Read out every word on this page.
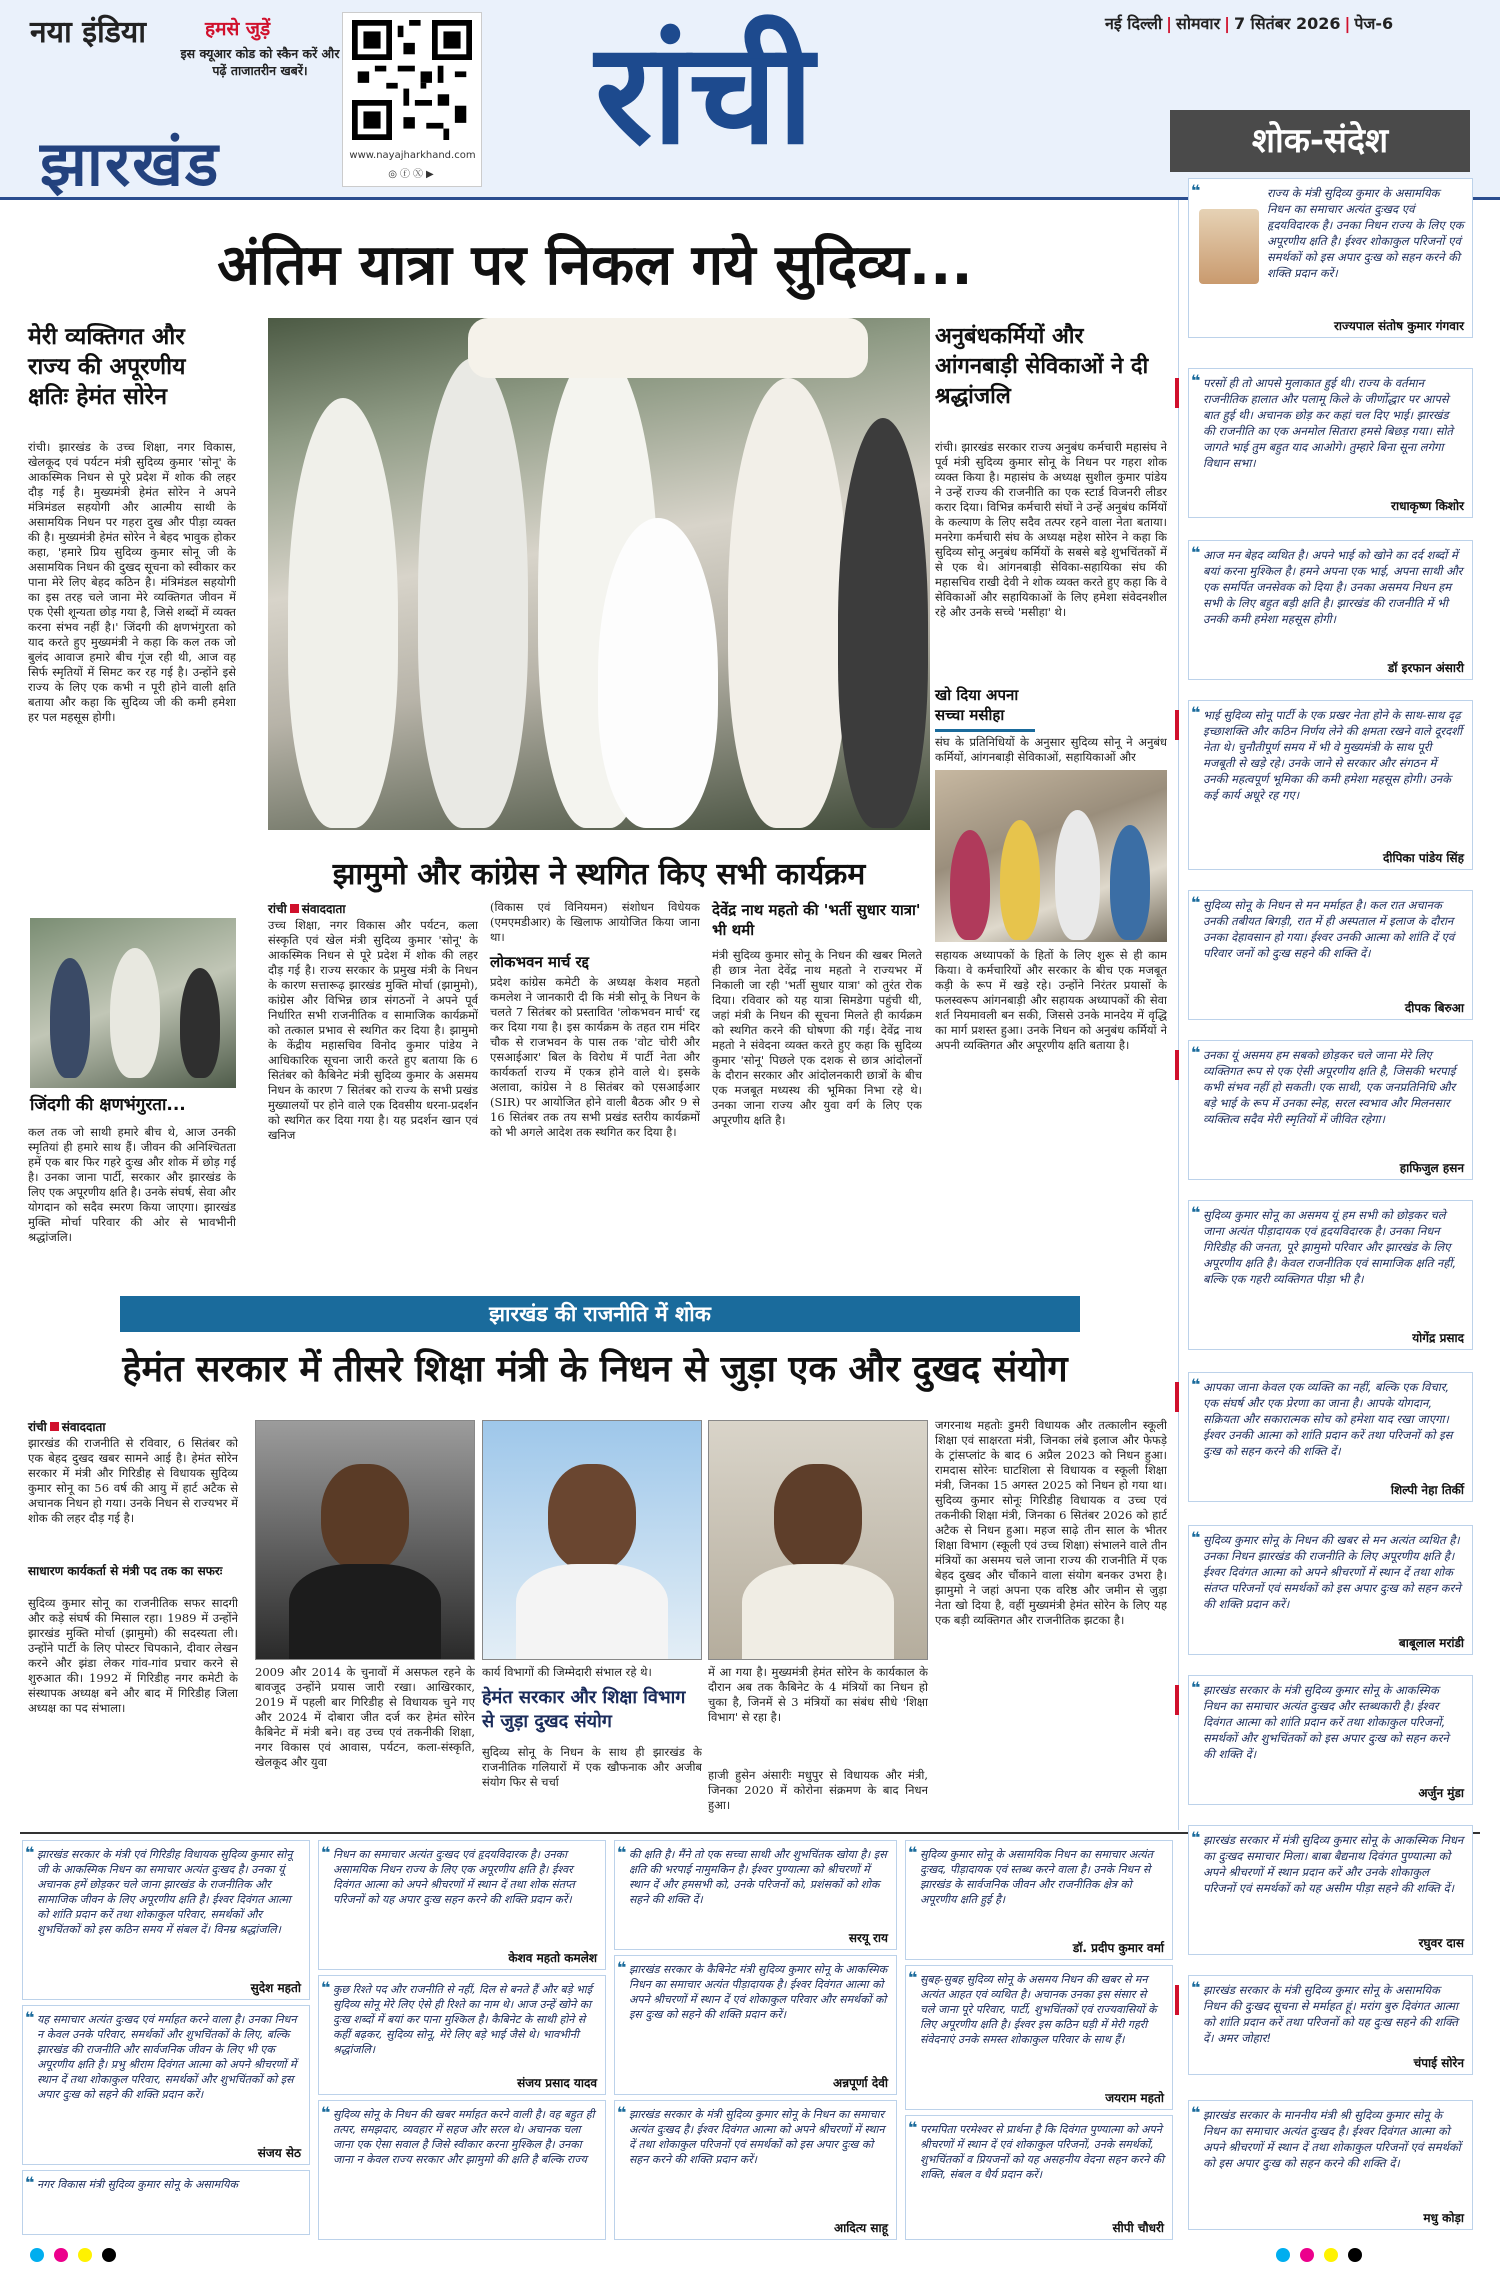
नया इंडिया
झारखंड
हमसे जुड़ें
इस क्यूआर कोड को स्कैन करें और पढ़ें ताजातरीन खबरें।
www.nayajharkhand.com
◎ⓕⓍ▶	रांची	नई दिल्ली | सोमवार | 7 सितंबर 2026 | पेज-6
शोक-संदेश
अंतिम यात्रा पर निकल गये सुदिव्य...
मेरी व्यक्तिगत और राज्य की अपूरणीय क्षतिः हेमंत सोरेन
रांची। झारखंड के उच्च शिक्षा, नगर विकास, खेलकूद एवं पर्यटन मंत्री सुदिव्य कुमार 'सोनू' के आकस्मिक निधन से पूरे प्रदेश में शोक की लहर दौड़ गई है। मुख्यमंत्री हेमंत सोरेन ने अपने मंत्रिमंडल सहयोगी और आत्मीय साथी के असामयिक निधन पर गहरा दुख और पीड़ा व्यक्त की है। मुख्यमंत्री हेमंत सोरेन ने बेहद भावुक होकर कहा, 'हमारे प्रिय सुदिव्य कुमार सोनू जी के असामयिक निधन की दुखद सूचना को स्वीकार कर पाना मेरे लिए बेहद कठिन है। मंत्रिमंडल सहयोगी का इस तरह चले जाना मेरे व्यक्तिगत जीवन में एक ऐसी शून्यता छोड़ गया है, जिसे शब्दों में व्यक्त करना संभव नहीं है।' जिंदगी की क्षणभंगुरता को याद करते हुए मुख्यमंत्री ने कहा कि कल तक जो बुलंद आवाज हमारे बीच गूंज रही थी, आज वह सिर्फ स्मृतियों में सिमट कर रह गई है। उन्होंने इसे राज्य के लिए एक कभी न पूरी होने वाली क्षति बताया और कहा कि सुदिव्य जी की कमी हमेशा हर पल महसूस होगी।
जिंदगी की क्षणभंगुरता...
कल तक जो साथी हमारे बीच थे, आज उनकी स्मृतियां ही हमारे साथ हैं। जीवन की अनिश्चितता हमें एक बार फिर गहरे दुःख और शोक में छोड़ गई है। उनका जाना पार्टी, सरकार और झारखंड के लिए एक अपूरणीय क्षति है। उनके संघर्ष, सेवा और योगदान को सदैव स्मरण किया जाएगा। झारखंड मुक्ति मोर्चा परिवार की ओर से भावभीनी श्रद्धांजलि।
अनुबंधकर्मियों और आंगनबाड़ी सेविकाओं ने दी श्रद्धांजलि
रांची। झारखंड सरकार राज्य अनुबंध कर्मचारी महासंघ ने पूर्व मंत्री सुदिव्य कुमार सोनू के निधन पर गहरा शोक व्यक्त किया है। महासंघ के अध्यक्ष सुशील कुमार पांडेय ने उन्हें राज्य की राजनीति का एक स्टार्ड विजनरी लीडर करार दिया। विभिन्न कर्मचारी संघों ने उन्हें अनुबंध कर्मियों के कल्याण के लिए सदैव तत्पर रहने वाला नेता बताया। मनरेगा कर्मचारी संघ के अध्यक्ष महेश सोरेन ने कहा कि सुदिव्य सोनू अनुबंध कर्मियों के सबसे बड़े शुभचिंतकों में से एक थे। आंगनबाड़ी सेविका-सहायिका संघ की महासचिव राखी देवी ने शोक व्यक्त करते हुए कहा कि वे सेविकाओं और सहायिकाओं के लिए हमेशा संवेदनशील रहे और उनके सच्चे 'मसीहा' थे।
खो दिया अपना सच्चा मसीहा
संघ के प्रतिनिधियों के अनुसार सुदिव्य सोनू ने अनुबंध कर्मियों, आंगनबाड़ी सेविकाओं, सहायिकाओं और
सहायक अध्यापकों के हितों के लिए शुरू से ही काम किया। वे कर्मचारियों और सरकार के बीच एक मजबूत कड़ी के रूप में खड़े रहे। उन्होंने निरंतर प्रयासों के फलस्वरूप आंगनबाड़ी और सहायक अध्यापकों की सेवा शर्त नियमावली बन सकी, जिससे उनके मानदेय में वृद्धि का मार्ग प्रशस्त हुआ। उनके निधन को अनुबंध कर्मियों ने अपनी व्यक्तिगत और अपूरणीय क्षति बताया है।
झामुमो और कांग्रेस ने स्थगित किए सभी कार्यक्रम
रांची संवाददाता
उच्च शिक्षा, नगर विकास और पर्यटन, कला संस्कृति एवं खेल मंत्री सुदिव्य कुमार 'सोनू' के आकस्मिक निधन से पूरे प्रदेश में शोक की लहर दौड़ गई है। राज्य सरकार के प्रमुख मंत्री के निधन के कारण सत्तारूढ़ झारखंड मुक्ति मोर्चा (झामुमो), कांग्रेस और विभिन्न छात्र संगठनों ने अपने पूर्व निर्धारित सभी राजनीतिक व सामाजिक कार्यक्रमों को तत्काल प्रभाव से स्थगित कर दिया है। झामुमो के केंद्रीय महासचिव विनोद कुमार पांडेय ने आधिकारिक सूचना जारी करते हुए बताया कि 6 सितंबर को कैबिनेट मंत्री सुदिव्य कुमार के असमय निधन के कारण 7 सितंबर को राज्य के सभी प्रखंड मुख्यालयों पर होने वाले एक दिवसीय धरना-प्रदर्शन को स्थगित कर दिया गया है। यह प्रदर्शन खान एवं खनिज
(विकास एवं विनियमन) संशोधन विधेयक (एमएमडीआर) के खिलाफ आयोजित किया जाना था।
लोकभवन मार्च रद्द
प्रदेश कांग्रेस कमेटी के अध्यक्ष केशव महतो कमलेश ने जानकारी दी कि मंत्री सोनू के निधन के चलते 7 सितंबर को प्रस्तावित 'लोकभवन मार्च' रद्द कर दिया गया है। इस कार्यक्रम के तहत राम मंदिर चौक से राजभवन के पास तक 'वोट चोरी और एसआईआर' बिल के विरोध में पार्टी नेता और कार्यकर्ता राज्य में एकत्र होने वाले थे। इसके अलावा, कांग्रेस ने 8 सितंबर को एसआईआर (SIR) पर आयोजित होने वाली बैठक और 9 से 16 सितंबर तक तय सभी प्रखंड स्तरीय कार्यक्रमों को भी अगले आदेश तक स्थगित कर दिया है।
देवेंद्र नाथ महतो की 'भर्ती सुधार यात्रा' भी थमी
मंत्री सुदिव्य कुमार सोनू के निधन की खबर मिलते ही छात्र नेता देवेंद्र नाथ महतो ने राज्यभर में निकाली जा रही 'भर्ती सुधार यात्रा' को तुरंत रोक दिया। रविवार को यह यात्रा सिमडेगा पहुंची थी, जहां मंत्री के निधन की सूचना मिलते ही कार्यक्रम को स्थगित करने की घोषणा की गई। देवेंद्र नाथ महतो ने संवेदना व्यक्त करते हुए कहा कि सुदिव्य कुमार 'सोनू' पिछले एक दशक से छात्र आंदोलनों के दौरान सरकार और आंदोलनकारी छात्रों के बीच एक मजबूत मध्यस्थ की भूमिका निभा रहे थे। उनका जाना राज्य और युवा वर्ग के लिए एक अपूरणीय क्षति है।
झारखंड की राजनीति में शोक
हेमंत सरकार में तीसरे शिक्षा मंत्री के निधन से जुड़ा एक और दुखद संयोग
रांची संवाददाता
झारखंड की राजनीति से रविवार, 6 सितंबर को एक बेहद दुखद खबर सामने आई है। हेमंत सोरेन सरकार में मंत्री और गिरिडीह से विधायक सुदिव्य कुमार सोनू का 56 वर्ष की आयु में हार्ट अटैक से अचानक निधन हो गया। उनके निधन से राज्यभर में शोक की लहर दौड़ गई है।
साधारण कार्यकर्ता से मंत्री पद तक का सफरः
सुदिव्य कुमार सोनू का राजनीतिक सफर सादगी और कड़े संघर्ष की मिसाल रहा। 1989 में उन्होंने झारखंड मुक्ति मोर्चा (झामुमो) की सदस्यता ली। उन्होंने पार्टी के लिए पोस्टर चिपकाने, दीवार लेखन करने और झंडा लेकर गांव-गांव प्रचार करने से शुरुआत की। 1992 में गिरिडीह नगर कमेटी के संस्थापक अध्यक्ष बने और बाद में गिरिडीह जिला अध्यक्ष का पद संभाला।
2009 और 2014 के चुनावों में असफल रहने के बावजूद उन्होंने प्रयास जारी रखा। आखिरकार, 2019 में पहली बार गिरिडीह से विधायक चुने गए और 2024 में दोबारा जीत दर्ज कर हेमंत सोरेन कैबिनेट में मंत्री बने। वह उच्च एवं तकनीकी शिक्षा, नगर विकास एवं आवास, पर्यटन, कला-संस्कृति, खेलकूद और युवा
कार्य विभागों की जिम्मेदारी संभाल रहे थे।
हेमंत सरकार और शिक्षा विभाग से जुड़ा दुखद संयोग
सुदिव्य सोनू के निधन के साथ ही झारखंड के राजनीतिक गलियारों में एक खौफनाक और अजीब संयोग फिर से चर्चा
में आ गया है। मुख्यमंत्री हेमंत सोरेन के कार्यकाल के दौरान अब तक कैबिनेट के 4 मंत्रियों का निधन हो चुका है, जिनमें से 3 मंत्रियों का संबंध सीधे 'शिक्षा विभाग' से रहा है।
हाजी हुसेन अंसारीः मधुपुर से विधायक और मंत्री, जिनका 2020 में कोरोना संक्रमण के बाद निधन हुआ।
जगरनाथ महतोः डुमरी विधायक और तत्कालीन स्कूली शिक्षा एवं साक्षरता मंत्री, जिनका लंबे इलाज और फेफड़े के ट्रांसप्लांट के बाद 6 अप्रैल 2023 को निधन हुआ। रामदास सोरेनः घाटशिला से विधायक व स्कूली शिक्षा मंत्री, जिनका 15 अगस्त 2025 को निधन हो गया था। सुदिव्य कुमार सोनूः गिरिडीह विधायक व उच्च एवं तकनीकी शिक्षा मंत्री, जिनका 6 सितंबर 2026 को हार्ट अटैक से निधन हुआ। महज साढ़े तीन साल के भीतर शिक्षा विभाग (स्कूली एवं उच्च शिक्षा) संभालने वाले तीन मंत्रियों का असमय चले जाना राज्य की राजनीति में एक बेहद दुखद और चौंकाने वाला संयोग बनकर उभरा है। झामुमो ने जहां अपना एक वरिष्ठ और जमीन से जुड़ा नेता खो दिया है, वहीं मुख्यमंत्री हेमंत सोरेन के लिए यह एक बड़ी व्यक्तिगत और राजनीतिक झटका है।

❝	राज्य के मंत्री सुदिव्य कुमार के असामयिक निधन का समाचार अत्यंत दुःखद एवं हृदयविदारक है। उनका निधन राज्य के लिए एक अपूरणीय क्षति है। ईश्वर शोकाकुल परिजनों एवं समर्थकों को इस अपार दुःख को सहन करने की शक्ति प्रदान करें।
राज्यपाल संतोष कुमार गंगवार
❝ परसों ही तो आपसे मुलाकात हुई थी। राज्य के वर्तमान राजनीतिक हालात और पलामू किले के जीर्णोद्धार पर आपसे बात हुई थी। अचानक छोड़ कर कहां चल दिए भाई। झारखंड की राजनीति का एक अनमोल सितारा हमसे बिछड़ गया। सोते जागते भाई तुम बहुत याद आओगे। तुम्हारे बिना सूना लगेगा विधान सभा।
राधाकृष्ण किशोर
❝ आज मन बेहद व्यथित है। अपने भाई को खोने का दर्द शब्दों में बयां करना मुश्किल है। हमने अपना एक भाई, अपना साथी और एक समर्पित जनसेवक को दिया है। उनका असमय निधन हम सभी के लिए बहुत बड़ी क्षति है। झारखंड की राजनीति में भी उनकी कमी हमेशा महसूस होगी।
डॉ इरफान अंसारी
❝ भाई सुदिव्य सोनू पार्टी के एक प्रखर नेता होने के साथ-साथ दृढ़ इच्छाशक्ति और कठिन निर्णय लेने की क्षमता रखने वाले दूरदर्शी नेता थे। चुनौतीपूर्ण समय में भी वे मुख्यमंत्री के साथ पूरी मजबूती से खड़े रहे। उनके जाने से सरकार और संगठन में उनकी महत्वपूर्ण भूमिका की कमी हमेशा महसूस होगी। उनके कई कार्य अधूरे रह गए।
दीपिका पांडेय सिंह
❝ सुदिव्य सोनू के निधन से मन मर्माहत है। कल रात अचानक उनकी तबीयत बिगड़ी, रात में ही अस्पताल में इलाज के दौरान उनका देहावसान हो गया। ईश्वर उनकी आत्मा को शांति दें एवं परिवार जनों को दुःख सहने की शक्ति दें।
दीपक बिरुआ
❝ उनका यूं असमय हम सबको छोड़कर चले जाना मेरे लिए व्यक्तिगत रूप से एक ऐसी अपूरणीय क्षति है, जिसकी भरपाई कभी संभव नहीं हो सकती। एक साथी, एक जनप्रतिनिधि और बड़े भाई के रूप में उनका स्नेह, सरल स्वभाव और मिलनसार व्यक्तित्व सदैव मेरी स्मृतियों में जीवित रहेगा।
हाफिजुल हसन
❝ सुदिव्य कुमार सोनू का असमय यूं हम सभी को छोड़कर चले जाना अत्यंत पीड़ादायक एवं हृदयविदारक है। उनका निधन गिरिडीह की जनता, पूरे झामुमो परिवार और झारखंड के लिए अपूरणीय क्षति है। केवल राजनीतिक एवं सामाजिक क्षति नहीं, बल्कि एक गहरी व्यक्तिगत पीड़ा भी है।
योगेंद्र प्रसाद
❝ आपका जाना केवल एक व्यक्ति का नहीं, बल्कि एक विचार, एक संघर्ष और एक प्रेरणा का जाना है। आपके योगदान, सक्रियता और सकारात्मक सोच को हमेशा याद रखा जाएगा। ईश्वर उनकी आत्मा को शांति प्रदान करें तथा परिजनों को इस दुःख को सहन करने की शक्ति दें।
शिल्पी नेहा तिर्की
❝ सुदिव्य कुमार सोनू के निधन की खबर से मन अत्यंत व्यथित है। उनका निधन झारखंड की राजनीति के लिए अपूरणीय क्षति है। ईश्वर दिवंगत आत्मा को अपने श्रीचरणों में स्थान दें तथा शोक संतप्त परिजनों एवं समर्थकों को इस अपार दुःख को सहन करने की शक्ति प्रदान करें।
बाबूलाल मरांडी
❝ झारखंड सरकार के मंत्री सुदिव्य कुमार सोनू के आकस्मिक निधन का समाचार अत्यंत दुःखद और स्तब्धकारी है। ईश्वर दिवंगत आत्मा को शांति प्रदान करें तथा शोकाकुल परिजनों, समर्थकों और शुभचिंतकों को इस अपार दुःख को सहन करने की शक्ति दें।
अर्जुन मुंडा
❝ झारखंड सरकार में मंत्री सुदिव्य कुमार सोनू के आकस्मिक निधन का दुःखद समाचार मिला। बाबा बैद्यनाथ दिवंगत पुण्यात्मा को अपने श्रीचरणों में स्थान प्रदान करें और उनके शोकाकुल परिजनों एवं समर्थकों को यह असीम पीड़ा सहने की शक्ति दें।
रघुवर दास
❝ झारखंड सरकार के मंत्री सुदिव्य कुमार सोनू के असामयिक निधन की दुःखद सूचना से मर्माहत हूं। मरांग बुरु दिवंगत आत्मा को शांति प्रदान करें तथा परिजनों को यह दुःख सहने की शक्ति दें। अमर जोहार!
चंपाई सोरेन
❝ झारखंड सरकार के माननीय मंत्री श्री सुदिव्य कुमार सोनू के निधन का समाचार अत्यंत दुःखद है। ईश्वर दिवंगत आत्मा को अपने श्रीचरणों में स्थान दें तथा शोकाकुल परिजनों एवं समर्थकों को इस अपार दुःख को सहन करने की शक्ति दें।
मधु कोड़ा
❝ झारखंड सरकार के मंत्री एवं गिरिडीह विधायक सुदिव्य कुमार सोनू जी के आकस्मिक निधन का समाचार अत्यंत दुःखद है। उनका यूं अचानक हमें छोड़कर चले जाना झारखंड के राजनीतिक और सामाजिक जीवन के लिए अपूरणीय क्षति है। ईश्वर दिवंगत आत्मा को शांति प्रदान करें तथा शोकाकुल परिवार, समर्थकों और शुभचिंतकों को इस कठिन समय में संबल दें। विनम्र श्रद्धांजलि।
सुदेश महतो
❝ निधन का समाचार अत्यंत दुःखद एवं हृदयविदारक है। उनका असामयिक निधन राज्य के लिए एक अपूरणीय क्षति है। ईश्वर दिवंगत आत्मा को अपने श्रीचरणों में स्थान दें तथा शोक संतप्त परिजनों को यह अपार दुःख सहन करने की शक्ति प्रदान करें।
केशव महतो कमलेश
❝ की क्षति है। मैंने तो एक सच्चा साथी और शुभचिंतक खोया है। इस क्षति की भरपाई नामुमकिन है। ईश्वर पुण्यात्मा को श्रीचरणों में स्थान दें और हमसभी को, उनके परिजनों को, प्रशंसकों को शोक सहने की शक्ति दें।
सरयू राय
❝ सुदिव्य कुमार सोनू के असामयिक निधन का समाचार अत्यंत दुःखद, पीड़ादायक एवं स्तब्ध करने वाला है। उनके निधन से झारखंड के सार्वजनिक जीवन और राजनीतिक क्षेत्र को अपूरणीय क्षति हुई है।
डॉ. प्रदीप कुमार वर्मा
❝ यह समाचार अत्यंत दुःखद एवं मर्माहत करने वाला है। उनका निधन न केवल उनके परिवार, समर्थकों और शुभचिंतकों के लिए, बल्कि झारखंड की राजनीति और सार्वजनिक जीवन के लिए भी एक अपूरणीय क्षति है। प्रभु श्रीराम दिवंगत आत्मा को अपने श्रीचरणों में स्थान दें तथा शोकाकुल परिवार, समर्थकों और शुभचिंतकों को इस अपार दुःख को सहने की शक्ति प्रदान करें।
संजय सेठ
❝ कुछ रिश्ते पद और राजनीति से नहीं, दिल से बनते हैं और बड़े भाई सुदिव्य सोनू मेरे लिए ऐसे ही रिश्ते का नाम थे। आज उन्हें खोने का दुःख शब्दों में बयां कर पाना मुश्किल है। कैबिनेट के साथी होने से कहीं बढ़कर, सुदिव्य सोनू, मेरे लिए बड़े भाई जैसे थे। भावभीनी श्रद्धांजलि।
संजय प्रसाद यादव
❝ झारखंड सरकार के कैबिनेट मंत्री सुदिव्य कुमार सोनू के आकस्मिक निधन का समाचार अत्यंत पीड़ादायक है। ईश्वर दिवंगत आत्मा को अपने श्रीचरणों में स्थान दें एवं शोकाकुल परिवार और समर्थकों को इस दुःख को सहने की शक्ति प्रदान करें।
अन्नपूर्णा देवी
❝ सुबह-सुबह सुदिव्य सोनू के असमय निधन की खबर से मन अत्यंत आहत एवं व्यथित है। अचानक उनका इस संसार से चले जाना पूरे परिवार, पार्टी, शुभचिंतकों एवं राज्यवासियों के लिए अपूरणीय क्षति है। ईश्वर इस कठिन घड़ी में मेरी गहरी संवेदनाएं उनके समस्त शोकाकुल परिवार के साथ हैं।
जयराम महतो
❝ सुदिव्य सोनू के निधन की खबर मर्माहत करने वाली है। वह बहुत ही तत्पर, समझदार, व्यवहार में सहज और सरल थे। अचानक चला जाना एक ऐसा सवाल है जिसे स्वीकार करना मुश्किल है। उनका जाना न केवल राज्य सरकार और झामुमो की क्षति है बल्कि राज्य
❝ झारखंड सरकार के मंत्री सुदिव्य कुमार सोनू के निधन का समाचार अत्यंत दुःखद है। ईश्वर दिवंगत आत्मा को अपने श्रीचरणों में स्थान दें तथा शोकाकुल परिजनों एवं समर्थकों को इस अपार दुःख को सहन करने की शक्ति प्रदान करें।
आदित्य साहू
❝ परमपिता परमेश्वर से प्रार्थना है कि दिवंगत पुण्यात्मा को अपने श्रीचरणों में स्थान दें एवं शोकाकुल परिजनों, उनके समर्थकों, शुभचिंतकों व प्रियजनों को यह असहनीय वेदना सहन करने की शक्ति, संबल व धैर्य प्रदान करें।
सीपी चौधरी
❝ नगर विकास मंत्री सुदिव्य कुमार सोनू के असामयिक
